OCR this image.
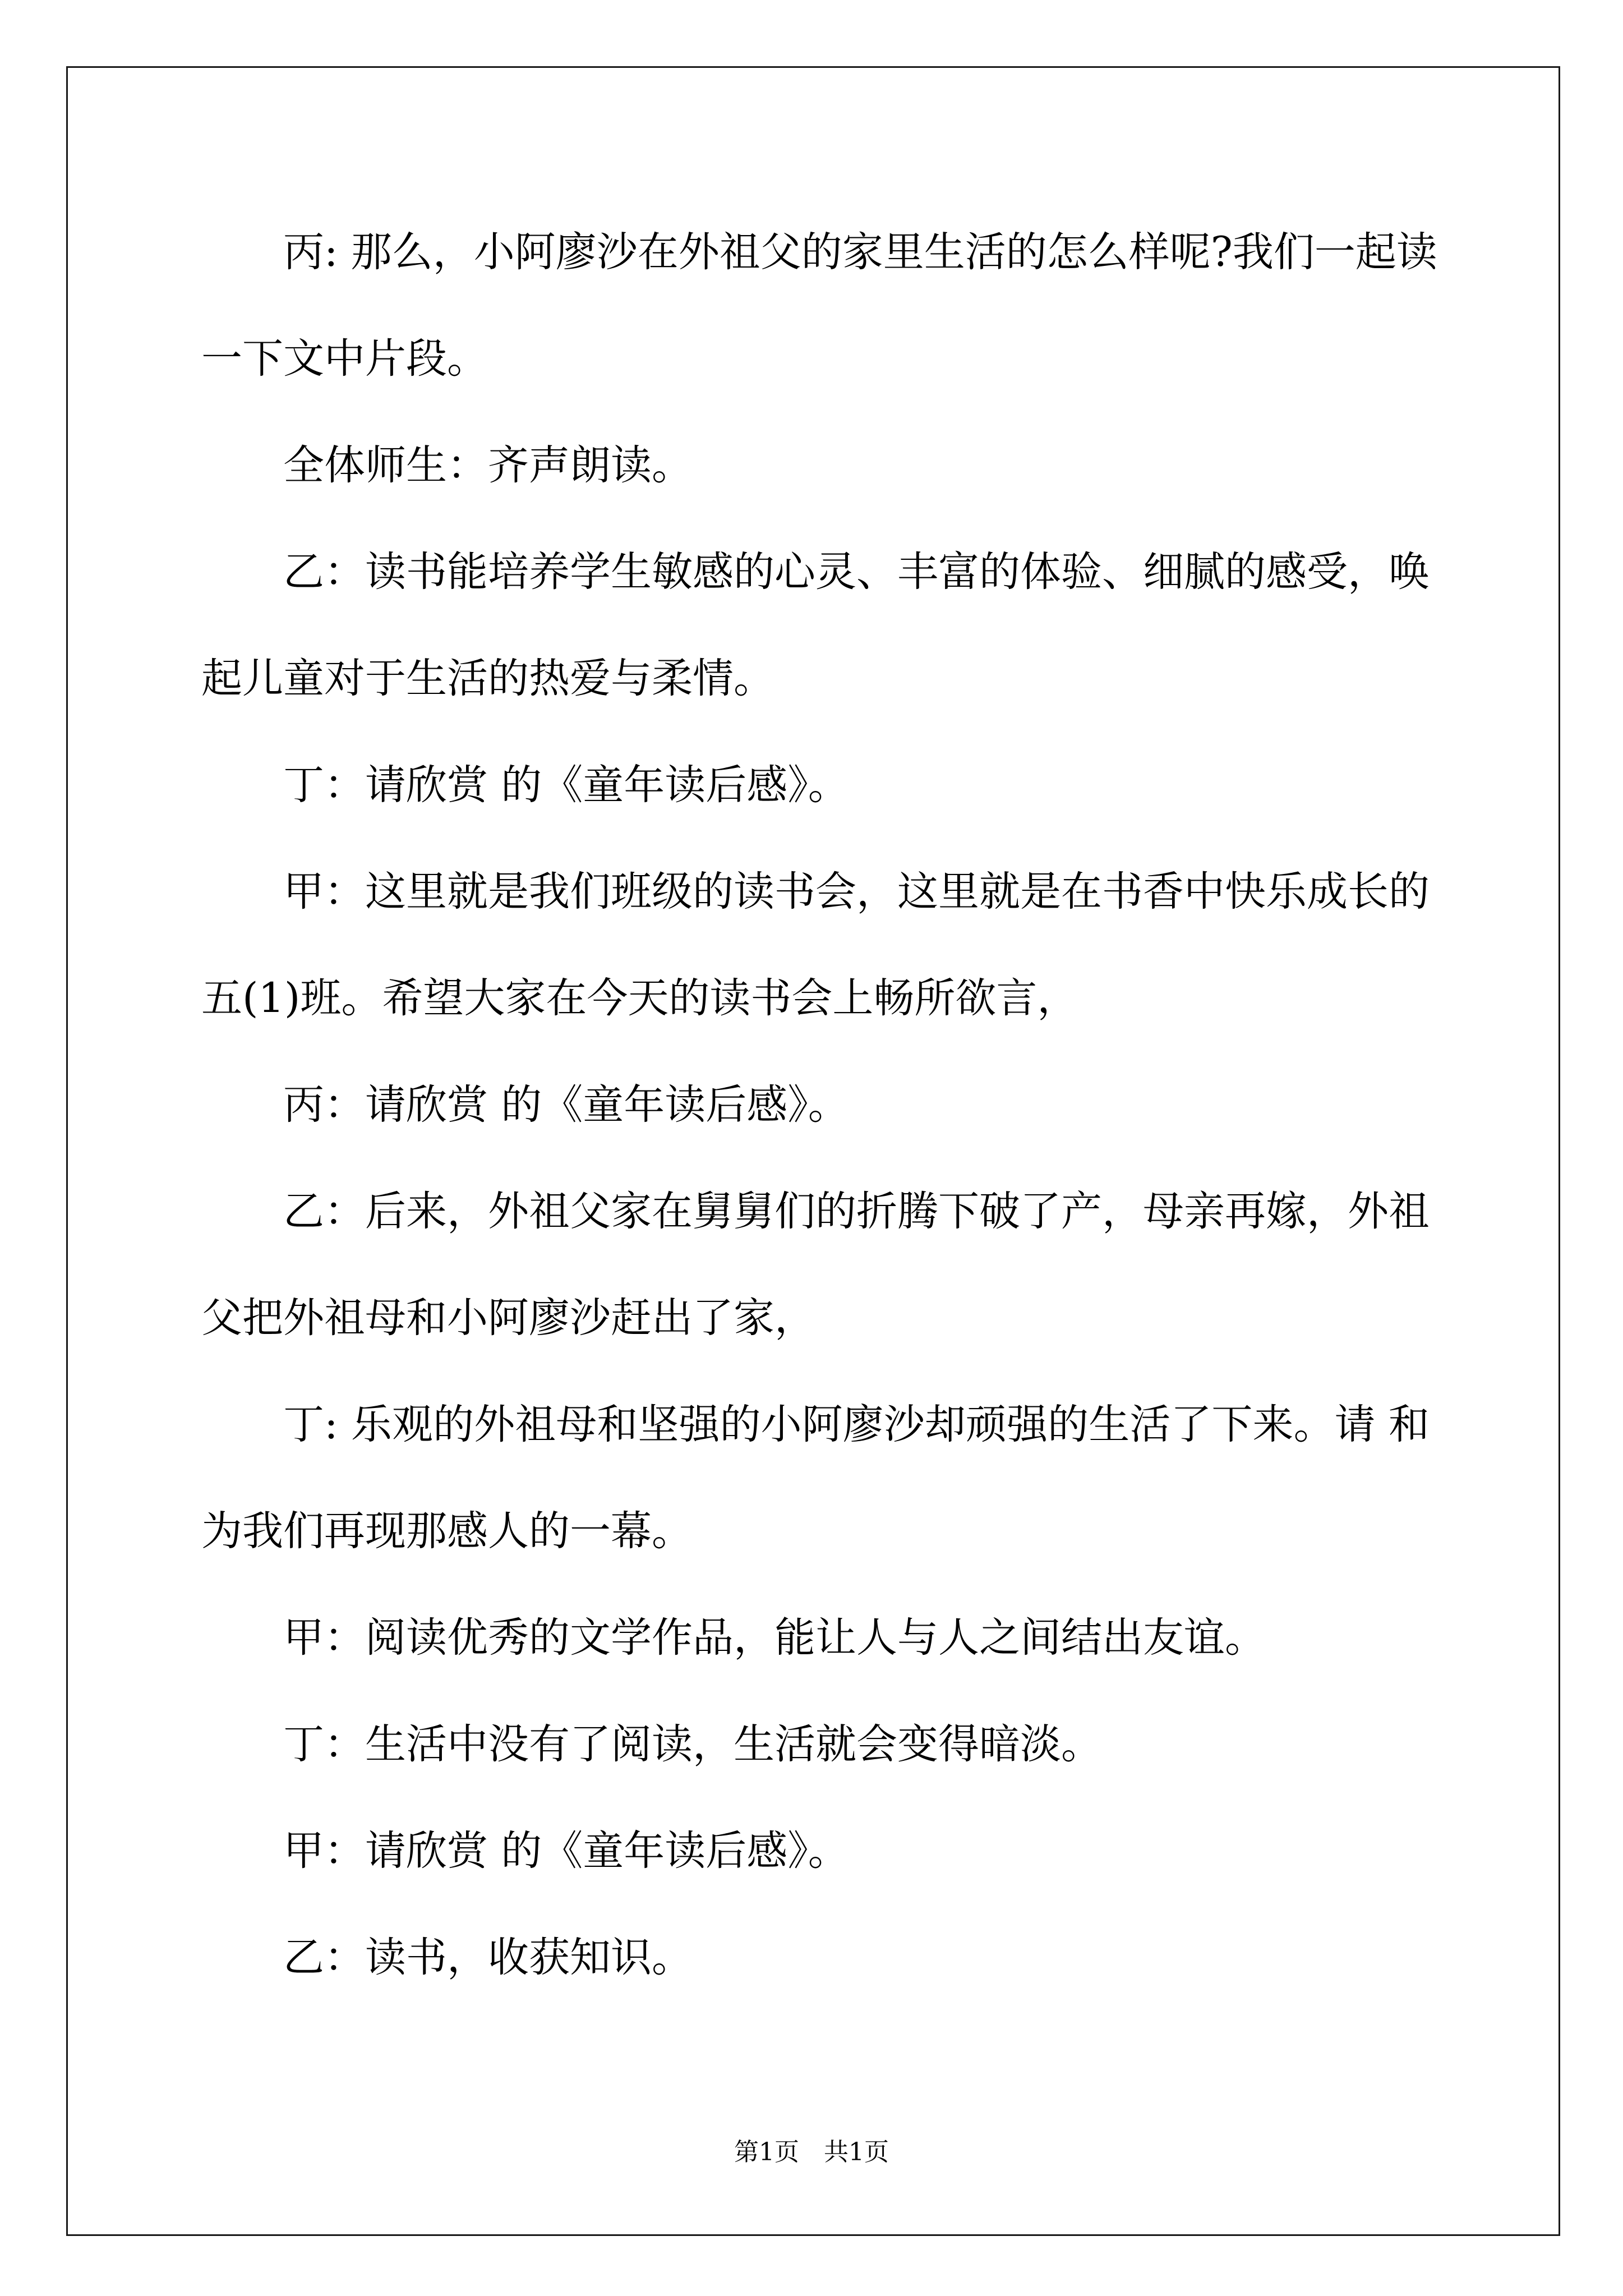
丙: 那么，小阿廖沙在外祖父的家里生活的怎么样呢?我们一起读
一下文中片段。
全体师生：齐声朗读。
乙：读书能培养学生敏感的心灵、丰富的体验、细腻的感受，唤
起儿童对于生活的热爱与柔情。
丁：请欣赏 的《童年读后感》。
甲：这里就是我们班级的读书会，这里就是在书香中快乐成长的
五(1)班。希望大家在今天的读书会上畅所欲言，
丙：请欣赏 的《童年读后感》。
乙：后来，外祖父家在舅舅们的折腾下破了产，母亲再嫁，外祖
父把外祖母和小阿廖沙赶出了家，
丁: 乐观的外祖母和坚强的小阿廖沙却顽强的生活了下来。请 和
为我们再现那感人的一幕。
甲：阅读优秀的文学作品，能让人与人之间结出友谊。
丁：生活中没有了阅读，生活就会变得暗淡。
甲：请欣赏 的《童年读后感》。
乙：读书，收获知识。
第1页　共1页
